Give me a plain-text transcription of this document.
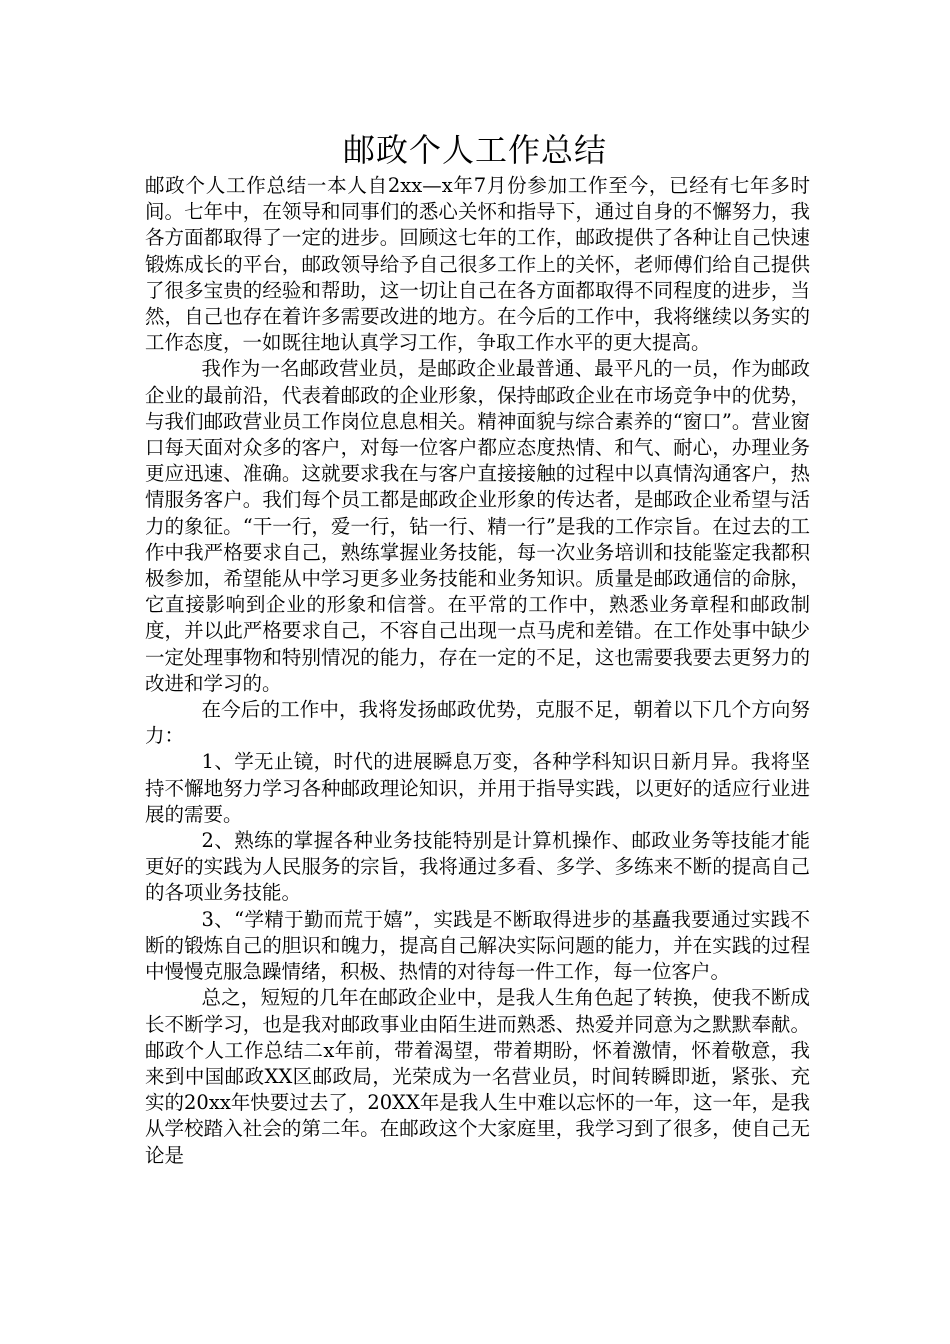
邮政个人工作总结

邮政个人工作总结一本人自2xx—x年7月份参加工作至今，已经有七年多时间。七年中，在领导和同事们的悉心关怀和指导下，通过自身的不懈努力，我各方面都取得了一定的进步。回顾这七年的工作，邮政提供了各种让自己快速锻炼成长的平台，邮政领导给予自己很多工作上的关怀，老师傅们给自己提供了很多宝贵的经验和帮助，这一切让自己在各方面都取得不同程度的进步，当然，自己也存在着许多需要改进的地方。在今后的工作中，我将继续以务实的工作态度，一如既往地认真学习工作，争取工作水平的更大提高。

我作为一名邮政营业员，是邮政企业最普通、最平凡的一员，作为邮政企业的最前沿，代表着邮政的企业形象，保持邮政企业在市场竞争中的优势，与我们邮政营业员工作岗位息息相关。精神面貌与综合素养的“窗口”。营业窗口每天面对众多的客户，对每一位客户都应态度热情、和气、耐心，办理业务更应迅速、准确。这就要求我在与客户直接接触的过程中以真情沟通客户，热情服务客户。我们每个员工都是邮政企业形象的传达者，是邮政企业希望与活力的象征。“干一行，爱一行，钻一行、精一行”是我的工作宗旨。在过去的工作中我严格要求自己，熟练掌握业务技能，每一次业务培训和技能鉴定我都积极参加，希望能从中学习更多业务技能和业务知识。质量是邮政通信的命脉，它直接影响到企业的形象和信誉。在平常的工作中，熟悉业务章程和邮政制度，并以此严格要求自己，不容自己出现一点马虎和差错。在工作处事中缺少一定处理事物和特别情况的能力，存在一定的不足，这也需要我要去更努力的改进和学习的。

在今后的工作中，我将发扬邮政优势，克服不足，朝着以下几个方向努力：

1、学无止镜，时代的进展瞬息万变，各种学科知识日新月异。我将坚持不懈地努力学习各种邮政理论知识，并用于指导实践，以更好的适应行业进展的需要。

2、熟练的掌握各种业务技能特别是计算机操作、邮政业务等技能才能更好的实践为人民服务的宗旨，我将通过多看、多学、多练来不断的提高自己的各项业务技能。

3、“学精于勤而荒于嬉”，实践是不断取得进步的基矗我要通过实践不断的锻炼自己的胆识和魄力，提高自己解决实际问题的能力，并在实践的过程中慢慢克服急躁情绪，积极、热情的对待每一件工作，每一位客户。

总之，短短的几年在邮政企业中，是我人生角色起了转换，使我不断成长不断学习，也是我对邮政事业由陌生进而熟悉、热爱并同意为之默默奉献。邮政个人工作总结二x年前，带着渴望，带着期盼，怀着激情，怀着敬意，我来到中国邮政XX区邮政局，光荣成为一名营业员，时间转瞬即逝，紧张、充实的20xx年快要过去了，20XX年是我人生中难以忘怀的一年，这一年，是我从学校踏入社会的第二年。在邮政这个大家庭里，我学习到了很多，使自己无论是
